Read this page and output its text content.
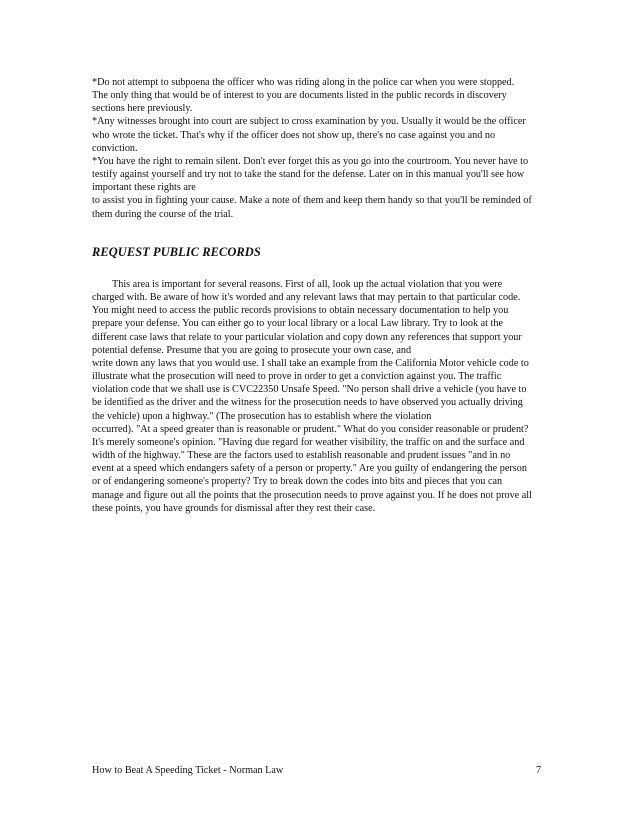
*Do not attempt to subpoena the officer who was riding along in the police car when you were stopped.
The only thing that would be of interest to you are documents listed in the public records in discovery
sections here previously.
*Any witnesses brought into court are subject to cross examination by you. Usually it would be the officer
who wrote the ticket. That's why if the officer does not show up, there's no case against you and no
conviction.
*You have the right to remain silent. Don't ever forget this as you go into the courtroom. You never have to
testify against yourself and try not to take the stand for the defense. Later on in this manual you'll see how
important these rights are
to assist you in fighting your cause. Make a note of them and keep them handy so that you'll be reminded of
them during the course of the trial.
REQUEST PUBLIC RECORDS
This area is important for several reasons. First of all, look up the actual violation that you were
charged with. Be aware of how it's worded and any relevant laws that may pertain to that particular code.
You might need to access the public records provisions to obtain necessary documentation to help you
prepare your defense. You can either go to your local library or a local Law library. Try to look at the
different case laws that relate to your particular violation and copy down any references that support your
potential defense. Presume that you are going to prosecute your own case, and
write down any laws that you would use. I shall take an example from the California Motor vehicle code to
illustrate what the prosecution will need to prove in order to get a conviction against you. The traffic
violation code that we shall use is CVC22350 Unsafe Speed. "No person shall drive a vehicle (you have to
be identified as the driver and the witness for the prosecution needs to have observed you actually driving
the vehicle) upon a highway." (The prosecution has to establish where the violation
occurred). "At a speed greater than is reasonable or prudent." What do you consider reasonable or prudent?
It's merely someone's opinion. "Having due regard for weather visibility, the traffic on and the surface and
width of the highway." These are the factors used to establish reasonable and prudent issues "and in no
event at a speed which endangers safety of a person or property." Are you guilty of endangering the person
or of endangering someone's property? Try to break down the codes into bits and pieces that you can
manage and figure out all the points that the prosecution needs to prove against you. If he does not prove all
these points, you have grounds for dismissal after they rest their case.
How to Beat A Speeding Ticket - Norman Law	7
